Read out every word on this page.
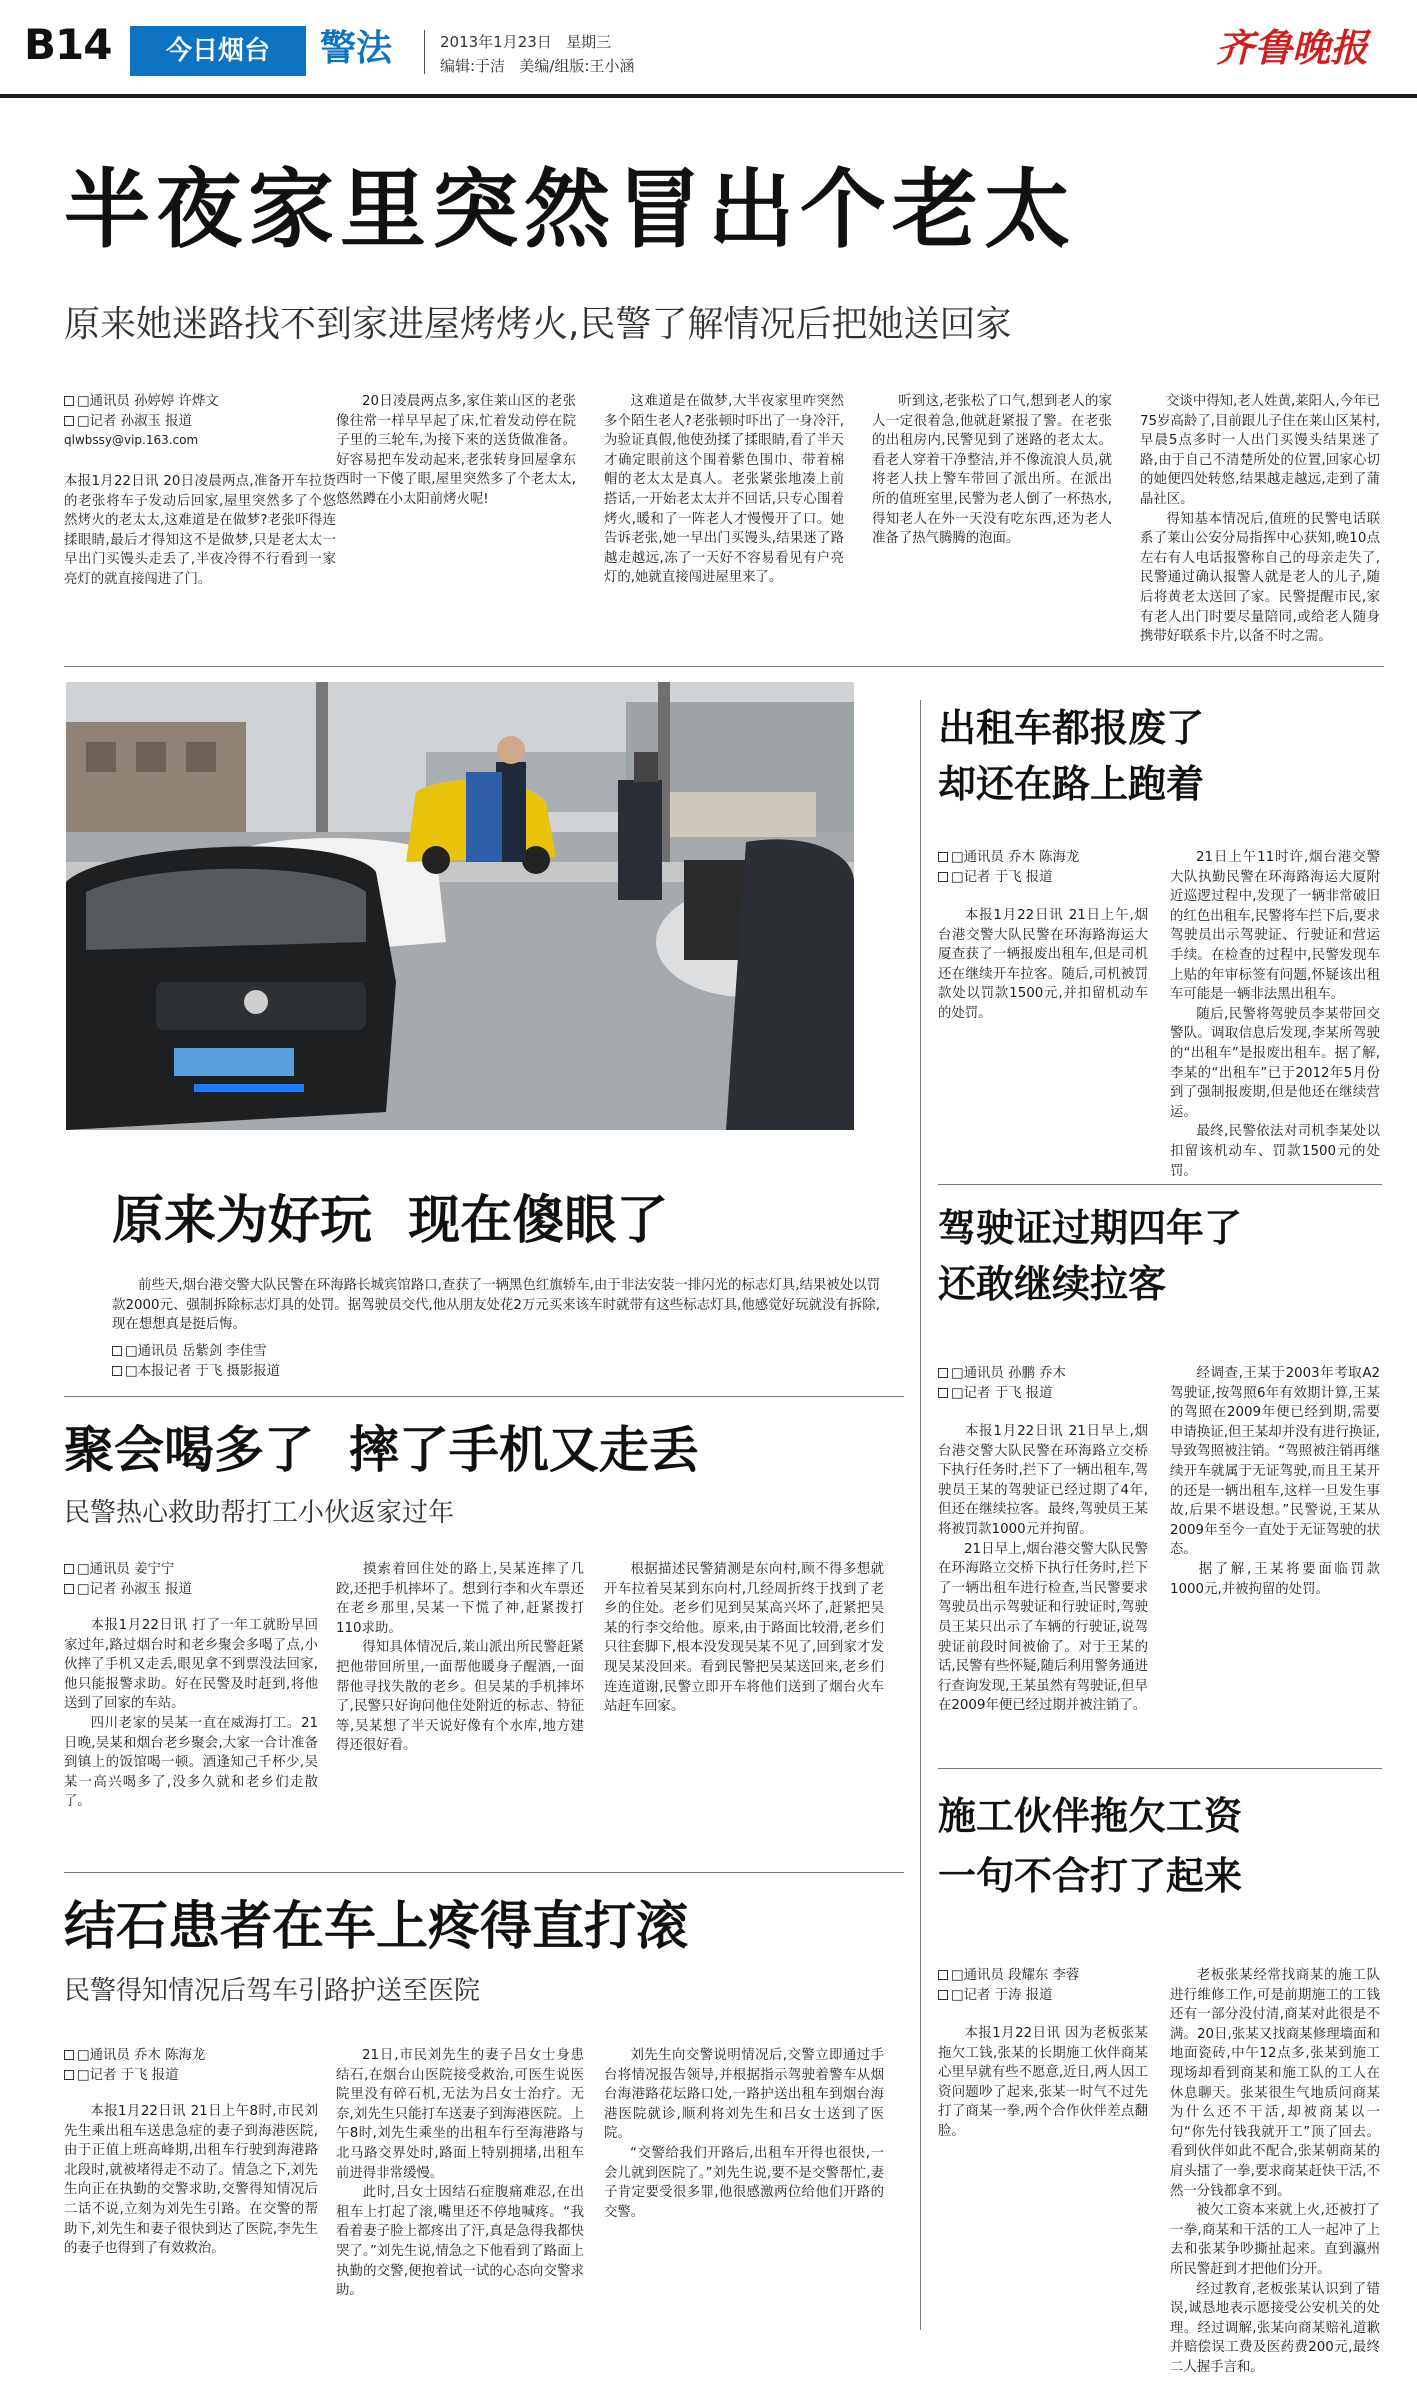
B14	今日烟台	警法	2013年1月23日   星期三
编辑:于洁   美编/组版:王小涵	齐鲁晚报
半夜家里突然冒出个老太
原来她迷路找不到家进屋烤烤火,民警了解情况后把她送回家
□通讯员 孙婷婷 许烨文
□记者 孙淑玉 报道
qlwbssy@vip.163.com

本报1月22日讯 20日凌晨两点,准备开车拉货的老张将车子发动后回家,屋里突然多了个悠然烤火的老太太,这难道是在做梦?老张吓得连揉眼睛,最后才得知这不是做梦,只是老太太一早出门买馒头走丢了,半夜冷得不行看到一家亮灯的就直接闯进了门。

20日凌晨两点多,家住莱山区的老张像往常一样早早起了床,忙着发动停在院子里的三轮车,为接下来的送货做准备。好容易把车发动起来,老张转身回屋拿东西时一下傻了眼,屋里突然多了个老太太,悠然蹲在小太阳前烤火呢!

这难道是在做梦,大半夜家里咋突然多个陌生老人?老张顿时吓出了一身冷汗,为验证真假,他使劲揉了揉眼睛,看了半天才确定眼前这个围着紫色围巾、带着棉帽的老太太是真人。老张紧张地凑上前搭话,一开始老太太并不回话,只专心围着烤火,暖和了一阵老人才慢慢开了口。她告诉老张,她一早出门买馒头,结果迷了路越走越远,冻了一天好不容易看见有户亮灯的,她就直接闯进屋里来了。

听到这,老张松了口气,想到老人的家人一定很着急,他就赶紧报了警。在老张的出租房内,民警见到了迷路的老太太。看老人穿着干净整洁,并不像流浪人员,就将老人扶上警车带回了派出所。在派出所的值班室里,民警为老人倒了一杯热水,得知老人在外一天没有吃东西,还为老人准备了热气腾腾的泡面。

交谈中得知,老人姓黄,莱阳人,今年已75岁高龄了,目前跟儿子住在莱山区某村,早晨5点多时一人出门买馒头结果迷了路,由于自己不清楚所处的位置,回家心切的她便四处转悠,结果越走越远,走到了蒲晶社区。

得知基本情况后,值班的民警电话联系了莱山公安分局指挥中心获知,晚10点左右有人电话报警称自己的母亲走失了,民警通过确认报警人就是老人的儿子,随后将黄老太送回了家。民警提醒市民,家有老人出门时要尽量陪同,或给老人随身携带好联系卡片,以备不时之需。

原来为好玩  现在傻眼了

前些天,烟台港交警大队民警在环海路长城宾馆路口,查获了一辆黑色红旗轿车,由于非法安装一排闪光的标志灯具,结果被处以罚款2000元、强制拆除标志灯具的处罚。据驾驶员交代,他从朋友处花2万元买来该车时就带有这些标志灯具,他感觉好玩就没有拆除,现在想想真是挺后悔。

□通讯员 岳紫剑 李佳雪
□本报记者 于飞 摄影报道
聚会喝多了  摔了手机又走丢
民警热心救助帮打工小伙返家过年
□通讯员 姜宁宁
□记者 孙淑玉 报道

本报1月22日讯 打了一年工就盼早回家过年,路过烟台时和老乡聚会多喝了点,小伙摔了手机又走丢,眼见拿不到票没法回家,他只能报警求助。好在民警及时赶到,将他送到了回家的车站。

四川老家的吴某一直在威海打工。21日晚,吴某和烟台老乡聚会,大家一合计准备到镇上的饭馆喝一顿。酒逢知己千杯少,吴某一高兴喝多了,没多久就和老乡们走散了。

摸索着回住处的路上,吴某连摔了几跤,还把手机摔坏了。想到行李和火车票还在老乡那里,吴某一下慌了神,赶紧拨打110求助。

得知具体情况后,莱山派出所民警赶紧把他带回所里,一面帮他暖身子醒酒,一面帮他寻找失散的老乡。但吴某的手机摔坏了,民警只好询问他住处附近的标志、特征等,吴某想了半天说好像有个水库,地方建得还很好看。

根据描述民警猜测是东向村,顾不得多想就开车拉着吴某到东向村,几经周折终于找到了老乡的住处。老乡们见到吴某高兴坏了,赶紧把吴某的行李交给他。原来,由于路面比较滑,老乡们只往套脚下,根本没发现吴某不见了,回到家才发现吴某没回来。看到民警把吴某送回来,老乡们连连道谢,民警立即开车将他们送到了烟台火车站赶车回家。

结石患者在车上疼得直打滚
民警得知情况后驾车引路护送至医院
□通讯员 乔木 陈海龙
□记者 于飞 报道

本报1月22日讯 21日上午8时,市民刘先生乘出租车送患急症的妻子到海港医院,由于正值上班高峰期,出租车行驶到海港路北段时,就被堵得走不动了。情急之下,刘先生向正在执勤的交警求助,交警得知情况后二话不说,立刻为刘先生引路。在交警的帮助下,刘先生和妻子很快到达了医院,李先生的妻子也得到了有效救治。

21日,市民刘先生的妻子吕女士身患结石,在烟台山医院接受救治,可医生说医院里没有碎石机,无法为吕女士治疗。无奈,刘先生只能打车送妻子到海港医院。上午8时,刘先生乘坐的出租车行至海港路与北马路交界处时,路面上特别拥堵,出租车前进得非常缓慢。

此时,吕女士因结石症腹痛难忍,在出租车上打起了滚,嘴里还不停地喊疼。“我看着妻子脸上都疼出了汗,真是急得我都快哭了。”刘先生说,情急之下他看到了路面上执勤的交警,便抱着试一试的心态向交警求助。

刘先生向交警说明情况后,交警立即通过手台将情况报告领导,并根据指示驾驶着警车从烟台海港路花坛路口处,一路护送出租车到烟台海港医院就诊,顺利将刘先生和吕女士送到了医院。

“交警给我们开路后,出租车开得也很快,一会儿就到医院了。”刘先生说,要不是交警帮忙,妻子肯定要受很多罪,他很感激两位给他们开路的交警。

出租车都报废了
却还在路上跑着
□通讯员 乔木 陈海龙
□记者 于飞 报道

本报1月22日讯 21日上午,烟台港交警大队民警在环海路海运大厦查获了一辆报废出租车,但是司机还在继续开车拉客。随后,司机被罚款处以罚款1500元,并扣留机动车的处罚。

21日上午11时许,烟台港交警大队执勤民警在环海路海运大厦附近巡逻过程中,发现了一辆非常破旧的红色出租车,民警将车拦下后,要求驾驶员出示驾驶证、行驶证和营运手续。在检查的过程中,民警发现车上贴的年审标签有问题,怀疑该出租车可能是一辆非法黑出租车。

随后,民警将驾驶员李某带回交警队。调取信息后发现,李某所驾驶的“出租车”是报废出租车。据了解,李某的“出租车”已于2012年5月份到了强制报废期,但是他还在继续营运。

最终,民警依法对司机李某处以扣留该机动车、罚款1500元的处罚。

驾驶证过期四年了
还敢继续拉客
□通讯员 孙鹏 乔木
□记者 于飞 报道

本报1月22日讯 21日早上,烟台港交警大队民警在环海路立交桥下执行任务时,拦下了一辆出租车,驾驶员王某的驾驶证已经过期了4年,但还在继续拉客。最终,驾驶员王某将被罚款1000元并拘留。

21日早上,烟台港交警大队民警在环海路立交桥下执行任务时,拦下了一辆出租车进行检查,当民警要求驾驶员出示驾驶证和行驶证时,驾驶员王某只出示了车辆的行驶证,说驾驶证前段时间被偷了。对于王某的话,民警有些怀疑,随后利用警务通进行查询发现,王某虽然有驾驶证,但早在2009年便已经过期并被注销了。

经调查,王某于2003年考取A2驾驶证,按驾照6年有效期计算,王某的驾照在2009年便已经到期,需要申请换证,但王某却并没有进行换证,导致驾照被注销。“驾照被注销再继续开车就属于无证驾驶,而且王某开的还是一辆出租车,这样一旦发生事故,后果不堪设想。”民警说,王某从2009年至今一直处于无证驾驶的状态。

据了解,王某将要面临罚款1000元,并被拘留的处罚。

施工伙伴拖欠工资
一句不合打了起来
□通讯员 段耀东 李蓉
□记者 于涛 报道

本报1月22日讯 因为老板张某拖欠工钱,张某的长期施工伙伴商某心里早就有些不愿意,近日,两人因工资问题吵了起来,张某一时气不过先打了商某一拳,两个合作伙伴差点翻脸。

老板张某经常找商某的施工队进行维修工作,可是前期施工的工钱还有一部分没付清,商某对此很是不满。20日,张某又找商某修理墙面和地面瓷砖,中午12点多,张某到施工现场却看到商某和施工队的工人在休息聊天。张某很生气地质问商某为什么还不干活,却被商某以一句“你先付钱我就开工”顶了回去。看到伙伴如此不配合,张某朝商某的肩头擂了一拳,要求商某赶快干活,不然一分钱都拿不到。

被欠工资本来就上火,还被打了一拳,商某和干活的工人一起冲了上去和张某争吵撕扯起来。直到瀛州所民警赶到才把他们分开。

经过教育,老板张某认识到了错误,诚恳地表示愿接受公安机关的处理。经过调解,张某向商某赔礼道歉并赔偿误工费及医药费200元,最终二人握手言和。
